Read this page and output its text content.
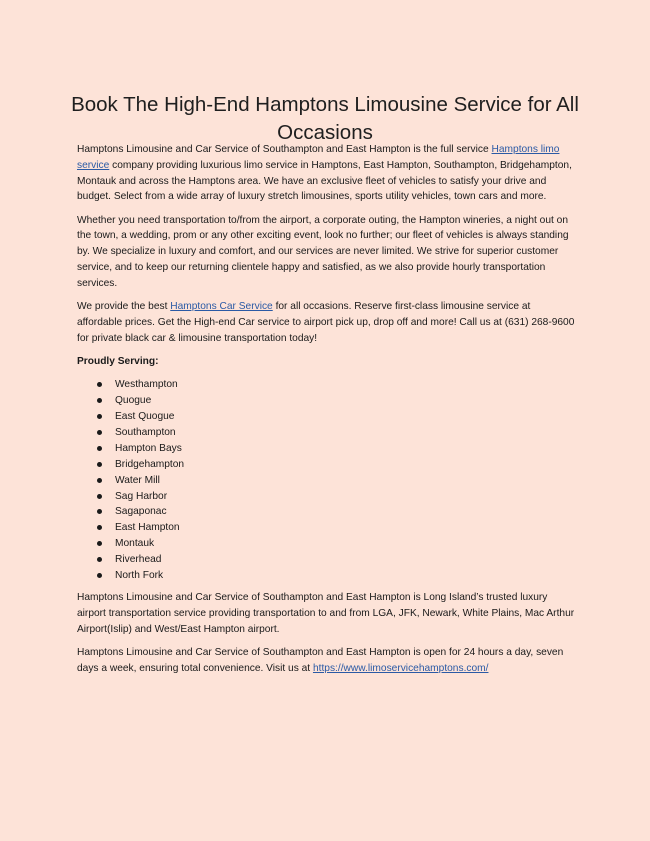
Book The High-End Hamptons Limousine Service for All Occasions

Hamptons Limousine and Car Service of Southampton and East Hampton is the full service Hamptons limo service company providing luxurious limo service in Hamptons, East Hampton, Southampton, Bridgehampton, Montauk and across the Hamptons area. We have an exclusive fleet of vehicles to satisfy your drive and budget. Select from a wide array of luxury stretch limousines, sports utility vehicles, town cars and more.

Whether you need transportation to/from the airport, a corporate outing, the Hampton wineries, a night out on the town, a wedding, prom or any other exciting event, look no further; our fleet of vehicles is always standing by. We specialize in luxury and comfort, and our services are never limited. We strive for superior customer service, and to keep our returning clientele happy and satisfied, as we also provide hourly transportation services.

We provide the best Hamptons Car Service for all occasions. Reserve first-class limousine service at affordable prices. Get the High-end Car service to airport pick up, drop off and more! Call us at (631) 268-9600 for private black car & limousine transportation today!

Proudly Serving:

Westhampton
Quogue
East Quogue
Southampton
Hampton Bays
Bridgehampton
Water Mill
Sag Harbor
Sagaponac
East Hampton
Montauk
Riverhead
North Fork

Hamptons Limousine and Car Service of Southampton and East Hampton is Long Island’s trusted luxury airport transportation service providing transportation to and from LGA, JFK, Newark, White Plains, Mac Arthur Airport(Islip) and West/East Hampton airport.

Hamptons Limousine and Car Service of Southampton and East Hampton is open for 24 hours a day, seven days a week, ensuring total convenience. Visit us at https://www.limoservicehamptons.com/
